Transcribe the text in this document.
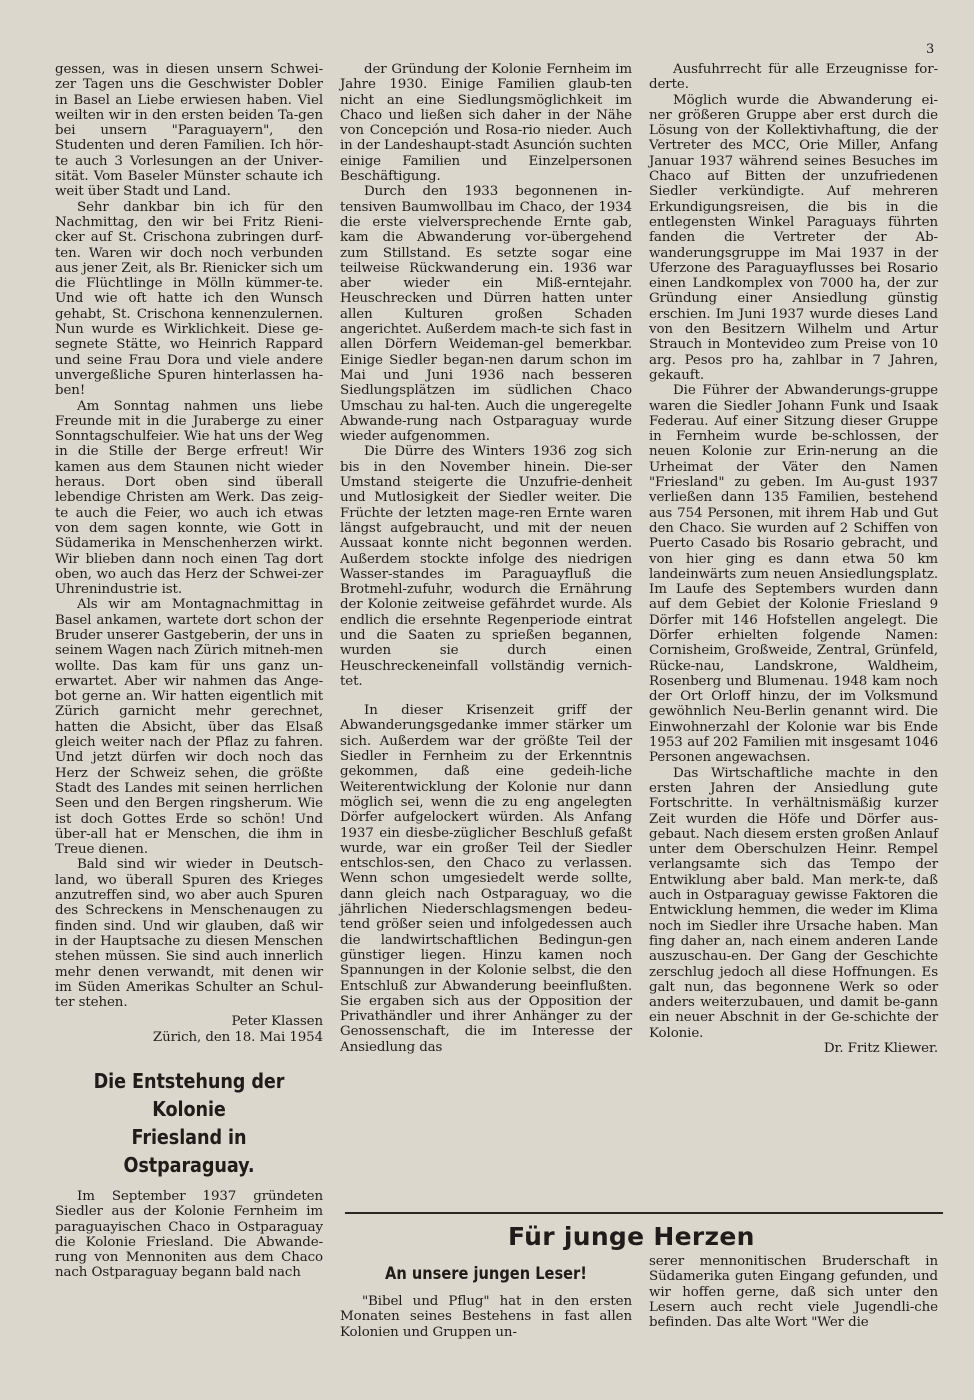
3

gessen, was in diesen unsern Schwei-zer Tagen uns die Geschwister Dobler in Basel an Liebe erwiesen haben. Viel weilten wir in den ersten beiden Ta-gen bei unsern "Paraguayern", den Studenten und deren Familien. Ich hör-te auch 3 Vorlesungen an der Univer-sität. Vom Baseler Münster schaute ich weit über Stadt und Land.

Sehr dankbar bin ich für den Nachmittag, den wir bei Fritz Rieni-cker auf St. Crischona zubringen durf-ten. Waren wir doch noch verbunden aus jener Zeit, als Br. Rienicker sich um die Flüchtlinge in Mölln kümmer-te. Und wie oft hatte ich den Wunsch gehabt, St. Crischona kennenzulernen. Nun wurde es Wirklichkeit. Diese ge-segnete Stätte, wo Heinrich Rappard und seine Frau Dora und viele andere unvergeßliche Spuren hinterlassen ha-ben!

Am Sonntag nahmen uns liebe Freunde mit in die Juraberge zu einer Sonntagschulfeier. Wie hat uns der Weg in die Stille der Berge erfreut! Wir kamen aus dem Staunen nicht wieder heraus. Dort oben sind überall lebendige Christen am Werk. Das zeig-te auch die Feier, wo auch ich etwas von dem sagen konnte, wie Gott in Südamerika in Menschenherzen wirkt. Wir blieben dann noch einen Tag dort oben, wo auch das Herz der Schwei-zer Uhrenindustrie ist.

Als wir am Montagnachmittag in Basel ankamen, wartete dort schon der Bruder unserer Gastgeberin, der uns in seinem Wagen nach Zürich mitneh-men wollte. Das kam für uns ganz un-erwartet. Aber wir nahmen das Ange-bot gerne an. Wir hatten eigentlich mit Zürich garnicht mehr gerechnet, hatten die Absicht, über das Elsaß gleich weiter nach der Pflaz zu fahren. Und jetzt dürfen wir doch noch das Herz der Schweiz sehen, die größte Stadt des Landes mit seinen herrlichen Seen und den Bergen ringsherum. Wie ist doch Gottes Erde so schön! Und über-all hat er Menschen, die ihm in Treue dienen.

Bald sind wir wieder in Deutsch-land, wo überall Spuren des Krieges anzutreffen sind, wo aber auch Spuren des Schreckens in Menschenaugen zu finden sind. Und wir glauben, daß wir in der Hauptsache zu diesen Menschen stehen müssen. Sie sind auch innerlich mehr denen verwandt, mit denen wir im Süden Amerikas Schulter an Schul-ter stehen.

Peter Klassen

Zürich, den 18. Mai 1954

Die Entstehung der Kolonie
Friesland in Ostparaguay.

Im September 1937 gründeten Siedler aus der Kolonie Fernheim im paraguayischen Chaco in Ostparaguay die Kolonie Friesland. Die Abwande-rung von Mennoniten aus dem Chaco nach Ostparaguay begann bald nach

der Gründung der Kolonie Fernheim im Jahre 1930. Einige Familien glaub-ten nicht an eine Siedlungsmöglichkeit im Chaco und ließen sich daher in der Nähe von Concepción und Rosa-rio nieder. Auch in der Landeshaupt-stadt Asunción suchten einige Familien und Einzelpersonen Beschäftigung.

Durch den 1933 begonnenen in-tensiven Baumwollbau im Chaco, der 1934 die erste vielversprechende Ernte gab, kam die Abwanderung vor-übergehend zum Stillstand. Es setzte sogar eine teilweise Rückwanderung ein. 1936 war aber wieder ein Miß-erntejahr. Heuschrecken und Dürren hatten unter allen Kulturen großen Schaden angerichtet. Außerdem mach-te sich fast in allen Dörfern Weideman-gel bemerkbar. Einige Siedler began-nen darum schon im Mai und Juni 1936 nach besseren Siedlungsplätzen im südlichen Chaco Umschau zu hal-ten. Auch die ungeregelte Abwande-rung nach Ostparaguay wurde wieder aufgenommen.

Die Dürre des Winters 1936 zog sich bis in den November hinein. Die-ser Umstand steigerte die Unzufrie-denheit und Mutlosigkeit der Siedler weiter. Die Früchte der letzten mage-ren Ernte waren längst aufgebraucht, und mit der neuen Aussaat konnte nicht begonnen werden. Außerdem stockte infolge des niedrigen Wasser-standes im Paraguayfluß die Brotmehl-zufuhr, wodurch die Ernährung der Kolonie zeitweise gefährdet wurde. Als endlich die ersehnte Regenperiode eintrat und die Saaten zu sprießen begannen, wurden sie durch einen Heuschreckeneinfall vollständig vernich-tet.

In dieser Krisenzeit griff der Abwanderungsgedanke immer stärker um sich. Außerdem war der größte Teil der Siedler in Fernheim zu der Erkenntnis gekommen, daß eine gedeih-liche Weiterentwicklung der Kolonie nur dann möglich sei, wenn die zu eng angelegten Dörfer aufgelockert würden. Als Anfang 1937 ein diesbe-züglicher Beschluß gefaßt wurde, war ein großer Teil der Siedler entschlos-sen, den Chaco zu verlassen. Wenn schon umgesiedelt werde sollte, dann gleich nach Ostparaguay, wo die jährlichen Niederschlagsmengen bedeu-tend größer seien und infolgedessen auch die landwirtschaftlichen Bedingun-gen günstiger liegen. Hinzu kamen noch Spannungen in der Kolonie selbst, die den Entschluß zur Abwanderung beeinflußten. Sie ergaben sich aus der Opposition der Privathändler und ihrer Anhänger zu der Genossenschaft, die im Interesse der Ansiedlung das

Ausfuhrrecht für alle Erzeugnisse for-derte.

Möglich wurde die Abwanderung ei-ner größeren Gruppe aber erst durch die Lösung von der Kollektivhaftung, die der Vertreter des MCC, Orie Miller, Anfang Januar 1937 während seines Besuches im Chaco auf Bitten der unzufriedenen Siedler verkündigte. Auf mehreren Erkundigungsreisen, die bis in die entlegensten Winkel Paraguays führten fanden die Vertreter der Ab-wanderungsgruppe im Mai 1937 in der Uferzone des Paraguayflusses bei Rosario einen Landkomplex von 7000 ha, der zur Gründung einer Ansiedlung günstig erschien. Im Juni 1937 wurde dieses Land von den Besitzern Wilhelm und Artur Strauch in Montevideo zum Preise von 10 arg. Pesos pro ha, zahlbar in 7 Jahren, gekauft.

Die Führer der Abwanderungs-gruppe waren die Siedler Johann Funk und Isaak Federau. Auf einer Sitzung dieser Gruppe in Fernheim wurde be-schlossen, der neuen Kolonie zur Erin-nerung an die Urheimat der Väter den Namen "Friesland" zu geben. Im Au-gust 1937 verließen dann 135 Familien, bestehend aus 754 Personen, mit ihrem Hab und Gut den Chaco. Sie wurden auf 2 Schiffen von Puerto Casado bis Rosario gebracht, und von hier ging es dann etwa 50 km landeinwärts zum neuen Ansiedlungsplatz. Im Laufe des Septembers wurden dann auf dem Gebiet der Kolonie Friesland 9 Dörfer mit 146 Hofstellen angelegt. Die Dörfer erhielten folgende Namen: Cornisheim, Großweide, Zentral, Grünfeld, Rücke-nau, Landskrone, Waldheim, Rosenberg und Blumenau. 1948 kam noch der Ort Orloff hinzu, der im Volksmund gewöhnlich Neu-Berlin genannt wird. Die Einwohnerzahl der Kolonie war bis Ende 1953 auf 202 Familien mit insgesamt 1046 Personen angewachsen.

Das Wirtschaftliche machte in den ersten Jahren der Ansiedlung gute Fortschritte. In verhältnismäßig kurzer Zeit wurden die Höfe und Dörfer aus-gebaut. Nach diesem ersten großen Anlauf unter dem Oberschulzen Heinr. Rempel verlangsamte sich das Tempo der Entwiklung aber bald. Man merk-te, daß auch in Ostparaguay gewisse Faktoren die Entwicklung hemmen, die weder im Klima noch im Siedler ihre Ursache haben. Man fing daher an, nach einem anderen Lande auszuschau-en. Der Gang der Geschichte zerschlug jedoch all diese Hoffnungen. Es galt nun, das begonnene Werk so oder anders weiterzubauen, und damit be-gann ein neuer Abschnit in der Ge-schichte der Kolonie.

Dr. Fritz Kliewer.

Für junge Herzen
An unsere jungen Leser!

"Bibel und Pflug" hat in den ersten Monaten seines Bestehens in fast allen Kolonien und Gruppen un-

serer mennonitischen Bruderschaft in Südamerika guten Eingang gefunden, und wir hoffen gerne, daß sich unter den Lesern auch recht viele Jugendli-che befinden. Das alte Wort "Wer die
